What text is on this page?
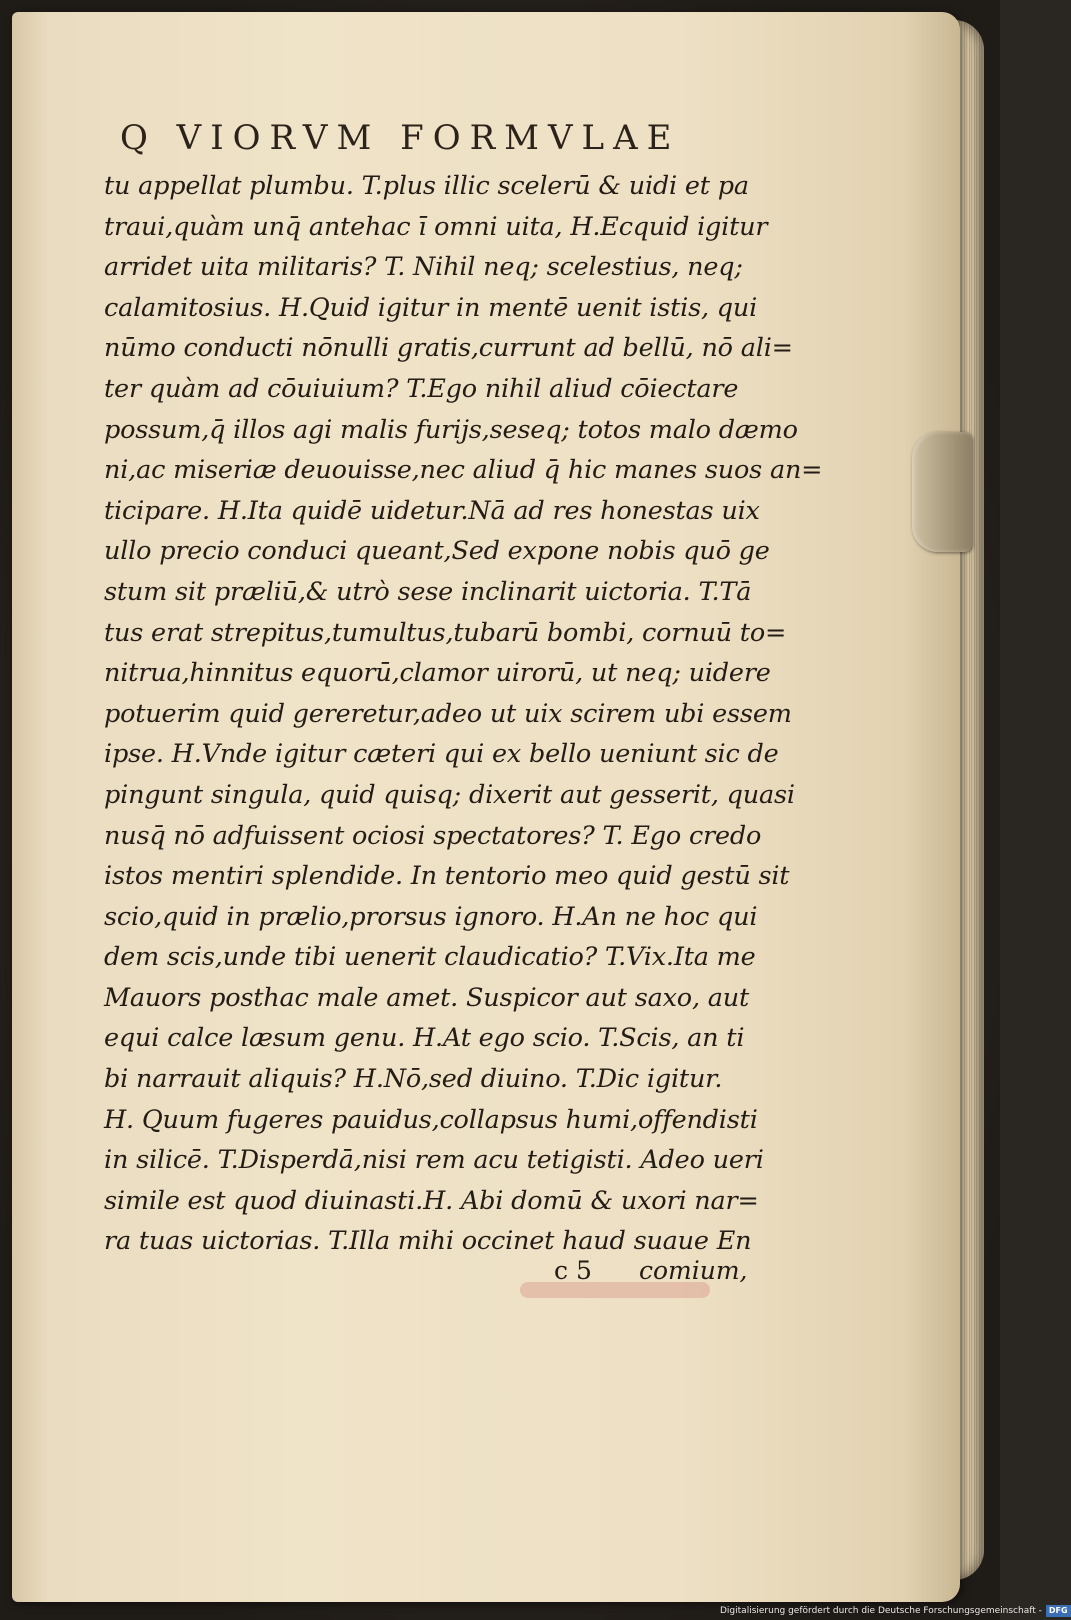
Q VIORVM FORMVLAE
tu appellat plumbu. T.plus illic scelerū & uidi et pa
traui,quàm unq̄ antehac ī omni uita, H.Ecquid igitur
arridet uita militaris? T. Nihil neq; scelestius, neq;
calamitosius. H.Quid igitur in mentē uenit istis, qui
nūmo conducti nōnulli gratis,currunt ad bellū, nō ali=
ter quàm ad cōuiuium? T.Ego nihil aliud cōiectare
possum,q̄ illos agi malis furijs,seseq; totos malo dæmo
ni,ac miseriæ deuouisse,nec aliud q̄ hic manes suos an=
ticipare. H.Ita quidē uidetur.Nā ad res honestas uix
ullo precio conduci queant,Sed expone nobis quō ge
stum sit præliū,& utrò sese inclinarit uictoria. T.Tā
tus erat strepitus,tumultus,tubarū bombi, cornuū to=
nitrua,hinnitus equorū,clamor uirorū, ut neq; uidere
potuerim quid gereretur,adeo ut uix scirem ubi essem
ipse. H.Vnde igitur cæteri qui ex bello ueniunt sic de
pingunt singula, quid quisq; dixerit aut gesserit, quasi
nusq̄ nō adfuissent ociosi spectatores? T. Ego credo
istos mentiri splendide. In tentorio meo quid gestū sit
scio,quid in prælio,prorsus ignoro. H.An ne hoc qui
dem scis,unde tibi uenerit claudicatio? T.Vix.Ita me
Mauors posthac male amet. Suspicor aut saxo, aut
equi calce læsum genu. H.At ego scio. T.Scis, an ti
bi narrauit aliquis? H.Nō,sed diuino. T.Dic igitur.
H. Quum fugeres pauidus,collapsus humi,offendisti
in silicē. T.Disperdā,nisi rem acu tetigisti. Adeo ueri
simile est quod diuinasti.H. Abi domū & uxori nar=
ra tuas uictorias. T.Illa mihi occinet haud suaue En
c 5 comium,
Digitalisierung gefördert durch die Deutsche Forschungsgemeinschaft - DFG
